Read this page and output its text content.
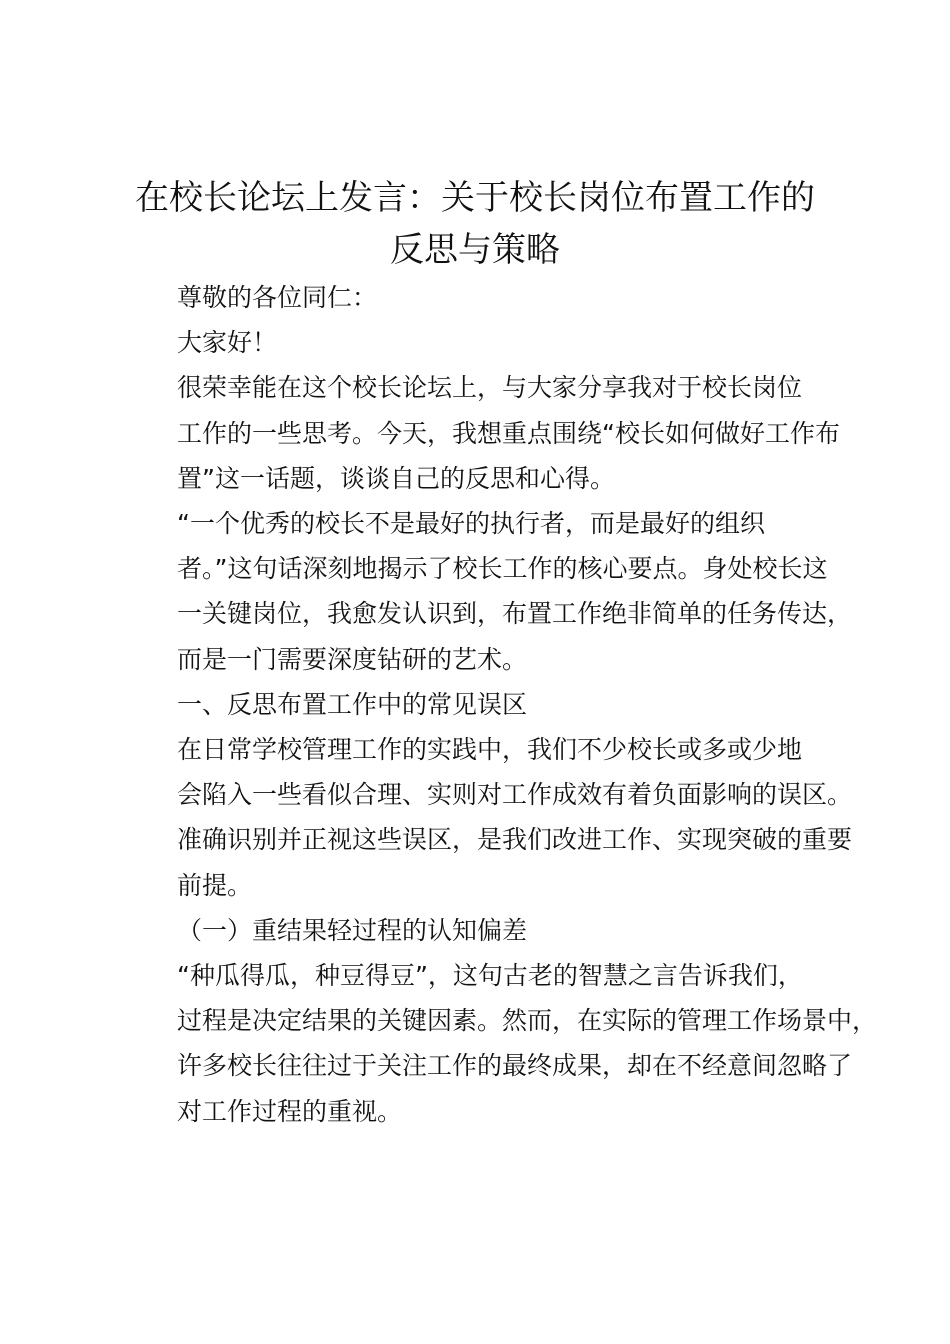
在校长论坛上发言：关于校长岗位布置工作的
反思与策略

尊敬的各位同仁：

大家好！

很荣幸能在这个校长论坛上，与大家分享我对于校长岗位
工作的一些思考。今天，我想重点围绕“校长如何做好工作布
置”这一话题，谈谈自己的反思和心得。

“一个优秀的校长不是最好的执行者，而是最好的组织
者。”这句话深刻地揭示了校长工作的核心要点。身处校长这
一关键岗位，我愈发认识到，布置工作绝非简单的任务传达，
而是一门需要深度钻研的艺术。

一、反思布置工作中的常见误区

在日常学校管理工作的实践中，我们不少校长或多或少地
会陷入一些看似合理、实则对工作成效有着负面影响的误区。
准确识别并正视这些误区，是我们改进工作、实现突破的重要
前提。

（一）重结果轻过程的认知偏差

“种瓜得瓜，种豆得豆”，这句古老的智慧之言告诉我们，
过程是决定结果的关键因素。然而，在实际的管理工作场景中，
许多校长往往过于关注工作的最终成果，却在不经意间忽略了
对工作过程的重视。
